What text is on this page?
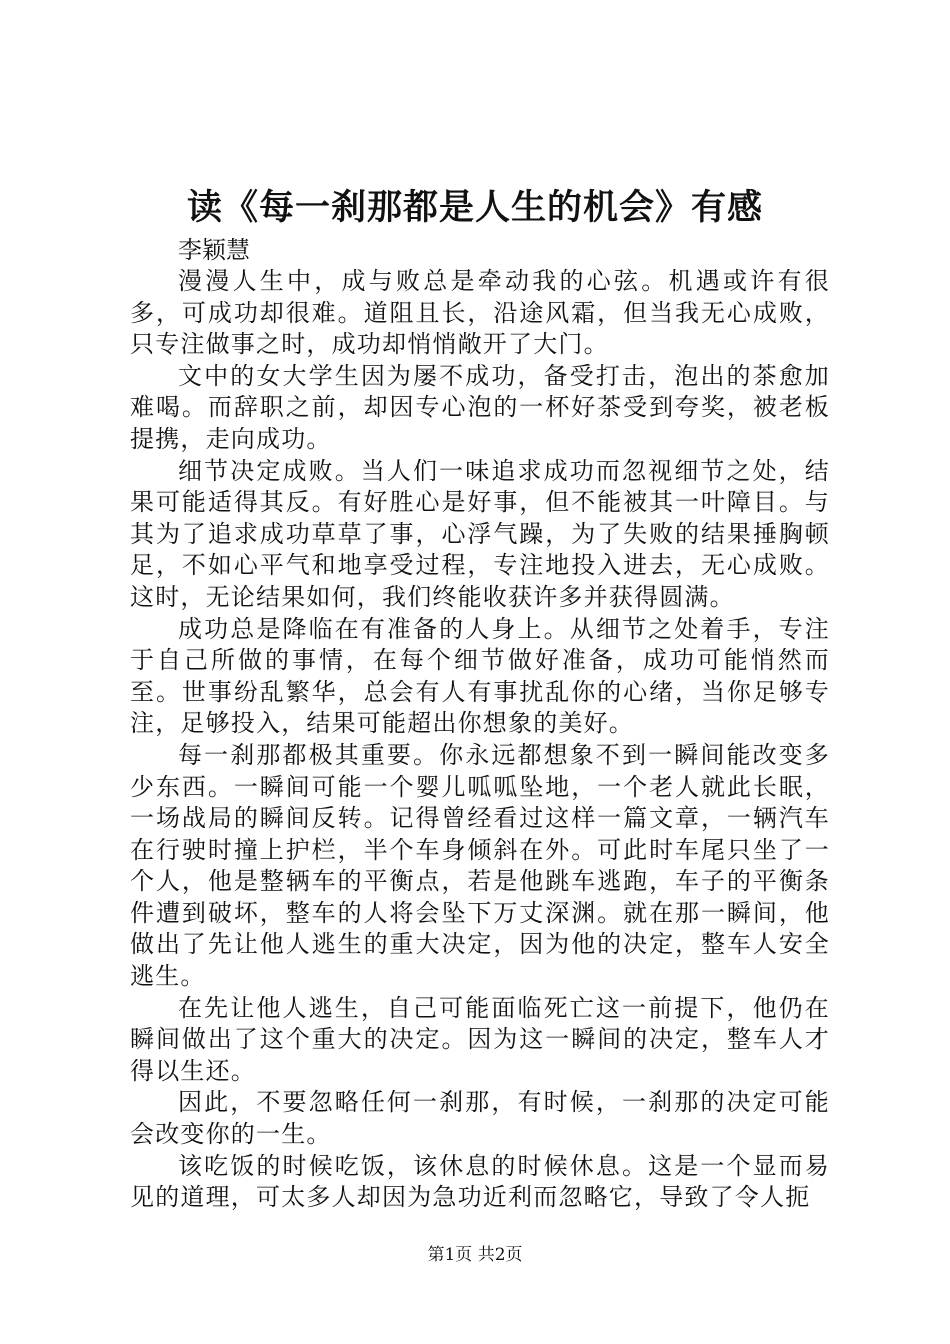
读《每一刹那都是人生的机会》有感

李颖慧

漫漫人生中，成与败总是牵动我的心弦。机遇或许有很多，可成功却很难。道阻且长，沿途风霜，但当我无心成败，只专注做事之时，成功却悄悄敞开了大门。

文中的女大学生因为屡不成功，备受打击，泡出的茶愈加难喝。而辞职之前，却因专心泡的一杯好茶受到夸奖，被老板提携，走向成功。

细节决定成败。当人们一味追求成功而忽视细节之处，结果可能适得其反。有好胜心是好事，但不能被其一叶障目。与其为了追求成功草草了事，心浮气躁，为了失败的结果捶胸顿足，不如心平气和地享受过程，专注地投入进去，无心成败。这时，无论结果如何，我们终能收获许多并获得圆满。

成功总是降临在有准备的人身上。从细节之处着手，专注于自己所做的事情，在每个细节做好准备，成功可能悄然而至。世事纷乱繁华，总会有人有事扰乱你的心绪，当你足够专注，足够投入，结果可能超出你想象的美好。

每一刹那都极其重要。你永远都想象不到一瞬间能改变多少东西。一瞬间可能一个婴儿呱呱坠地，一个老人就此长眠，一场战局的瞬间反转。记得曾经看过这样一篇文章，一辆汽车在行驶时撞上护栏，半个车身倾斜在外。可此时车尾只坐了一个人，他是整辆车的平衡点，若是他跳车逃跑，车子的平衡条件遭到破坏，整车的人将会坠下万丈深渊。就在那一瞬间，他做出了先让他人逃生的重大决定，因为他的决定，整车人安全逃生。

在先让他人逃生，自己可能面临死亡这一前提下，他仍在瞬间做出了这个重大的决定。因为这一瞬间的决定，整车人才得以生还。

因此，不要忽略任何一刹那，有时候，一刹那的决定可能会改变你的一生。

该吃饭的时候吃饭，该休息的时候休息。这是一个显而易见的道理，可太多人却因为急功近利而忽略它，导致了令人扼

第1页 共2页
